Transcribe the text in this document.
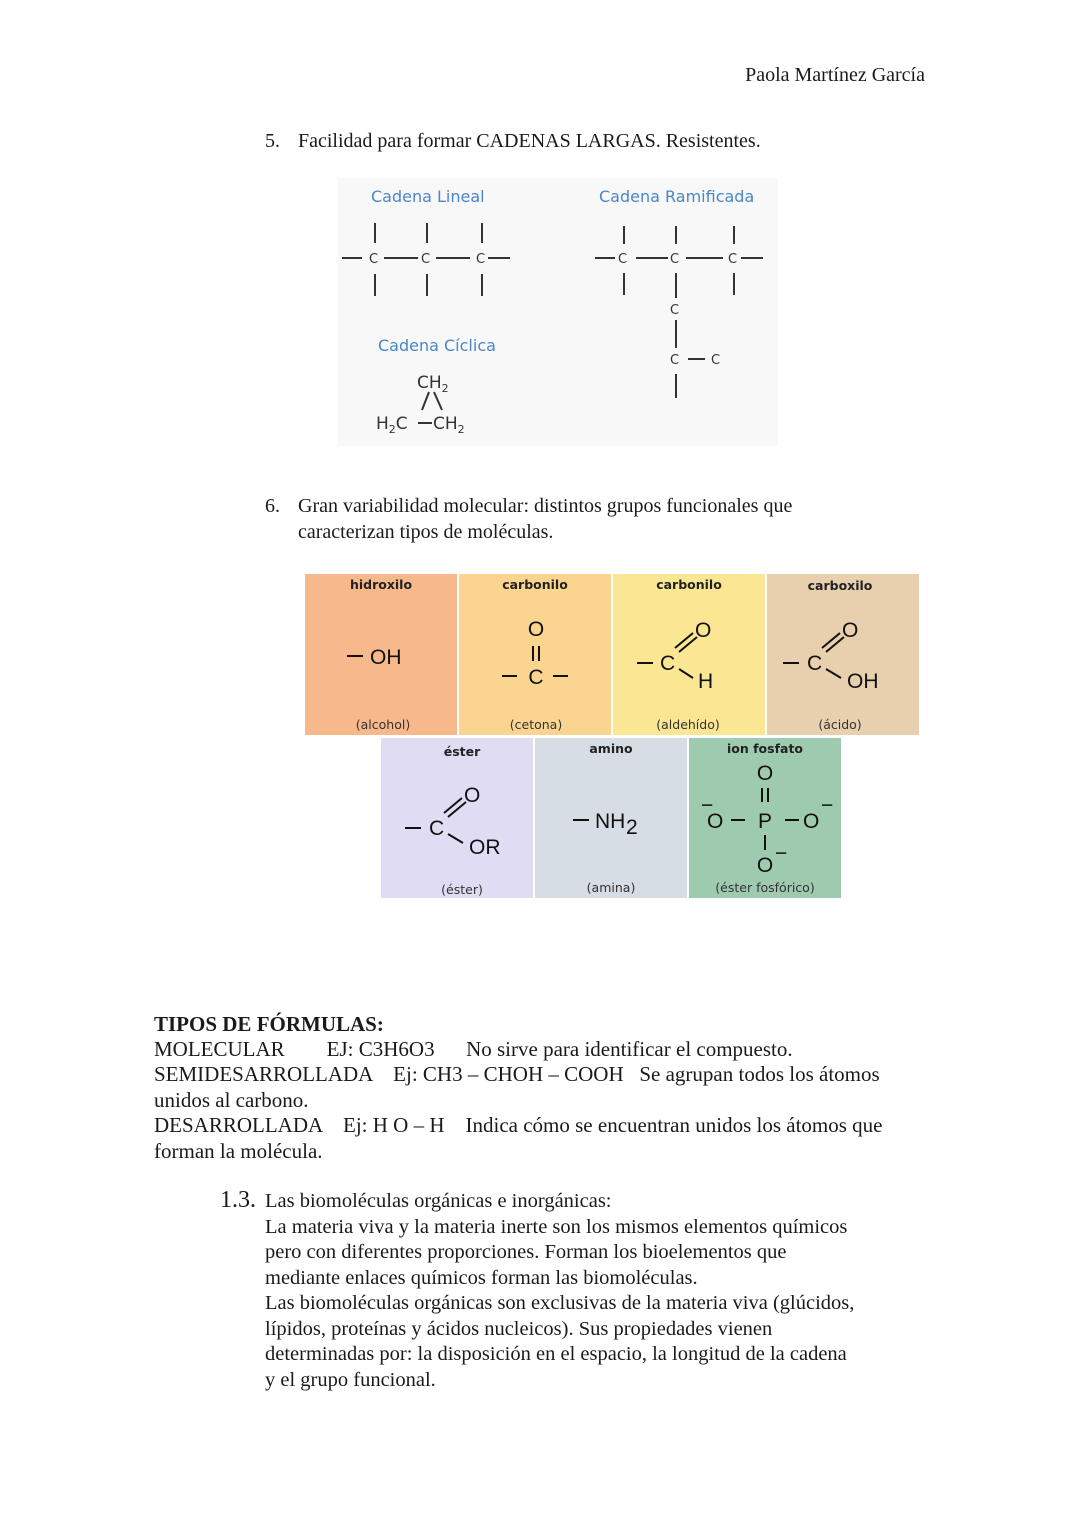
Paola Martínez García
5. Facilidad para formar CADENAS LARGAS. Resistentes.
Cadena Lineal	Cadena Ramificada
Cadena Cíclica
C	C	C	C	C	C
C
C C
$CH_2$
$H_2C$ $CH_2$
6. Gran variabilidad molecular: distintos grupos funcionales que
caracterizan tipos de moléculas.
hidroxilo
OH
(alcohol)
carbonilo
O
C
(cetona)
carbonilo
C
O
H
(aldehído)
carboxilo
C
O
OH
(ácido)
éster
C
O
OR
(éster)
amino
NH 2
(amina)
ion fosfato
O
−
O P O
−
O
−
(éster fosfórico)
TIPOS DE FÓRMULAS:
MOLECULAR        EJ: C3H6O3      No sirve para identificar el compuesto.
SEMIDESARROLLADA    Ej: CH3 – CHOH – COOH   Se agrupan todos los átomos
unidos al carbono.
DESARROLLADA    Ej: H O – H    Indica cómo se encuentran unidos los átomos que
forman la molécula.
1.3. Las biomoléculas orgánicas e inorgánicas:
La materia viva y la materia inerte son los mismos elementos químicos
pero con diferentes proporciones. Forman los bioelementos que
mediante enlaces químicos forman las biomoléculas.
Las biomoléculas orgánicas son exclusivas de la materia viva (glúcidos,
lípidos, proteínas y ácidos nucleicos). Sus propiedades vienen
determinadas por: la disposición en el espacio, la longitud de la cadena
y el grupo funcional.
